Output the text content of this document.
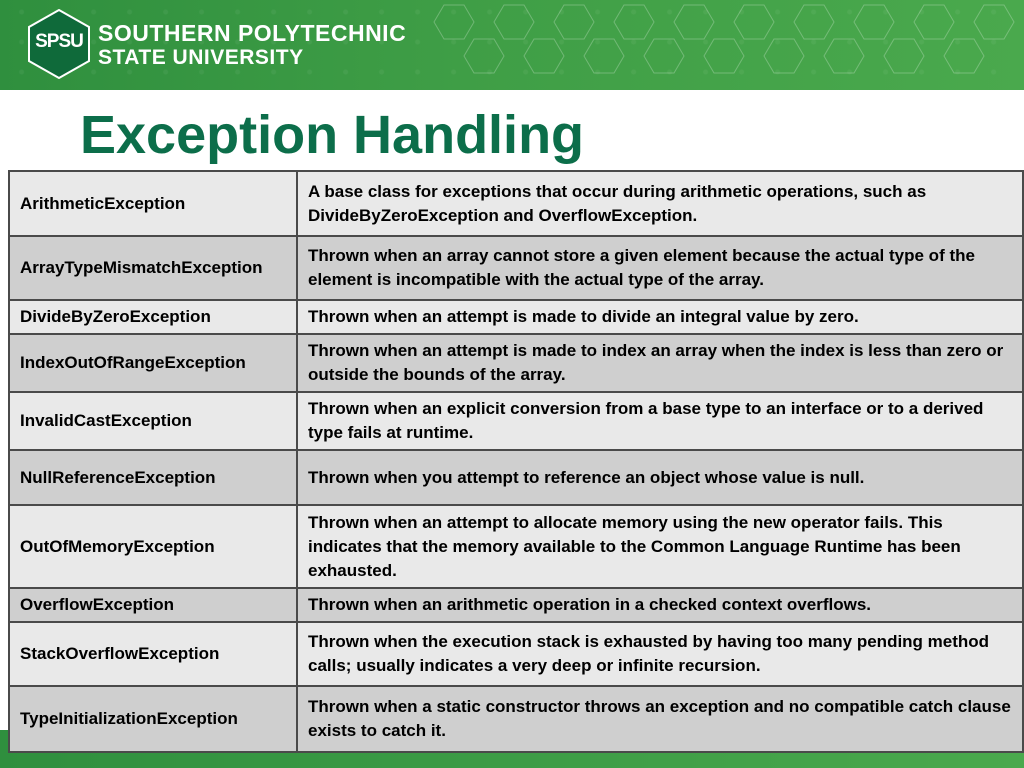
SPSU SOUTHERN POLYTECHNIC
STATE UNIVERSITY
Exception Handling
ArithmeticException	A base class for exceptions that occur during arithmetic operations, such as DivideByZeroException and OverflowException.
ArrayTypeMismatchException	Thrown when an array cannot store a given element because the actual type of the element is incompatible with the actual type of the array.
DivideByZeroException	Thrown when an attempt is made to divide an integral value by zero.
IndexOutOfRangeException	Thrown when an attempt is made to index an array when the index is less than zero or outside the bounds of the array.
InvalidCastException	Thrown when an explicit conversion from a base type to an interface or to a derived type fails at runtime.
NullReferenceException	Thrown when you attempt to reference an object whose value is null.
OutOfMemoryException	Thrown when an attempt to allocate memory using the new operator fails. This indicates that the memory available to the Common Language Runtime has been exhausted.
OverflowException	Thrown when an arithmetic operation in a checked context overflows.
StackOverflowException	Thrown when the execution stack is exhausted by having too many pending method calls; usually indicates a very deep or infinite recursion.
TypeInitializationException	Thrown when a static constructor throws an exception and no compatible catch clause exists to catch it.
